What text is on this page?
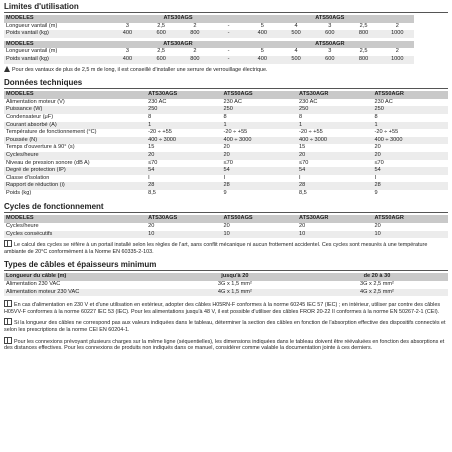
Limites d'utilisation
MODÈLES	ATS30AGS				ATS50AGS				
Longueur vantail (m)	3	2,5	2	-	5	4	3	2,5	2
Poids vantail (kg)	400	600	800	-	400	500	600	800	1000
MODÈLES	ATS30AGR				ATS50AGR				
Longueur vantail (m)	3	2,5	2	-	5	4	3	2,5	2
Poids vantail (kg)	400	600	800	-	400	500	600	800	1000
Pour des vantaux de plus de 2,5 m de long, il est conseillé d'installer une serrure de verrouillage électrique.
Données techniques
MODÈLES	ATS30AGS	ATS50AGS	ATS30AGR	ATS50AGR
Alimentation moteur (V)	230 AC	230 AC	230 AC	230 AC
Puissance (W)	250	250	250	250
Condensateur (μF)	8	8	8	8
Courant absorbé (A)	1	1	1	1
Température de fonctionnement (°C)	-20 ÷ +55	-20 ÷ +55	-20 ÷ +55	-20 ÷ +55
Poussée (N)	400 ÷ 3000	400 ÷ 3000	400 ÷ 3000	400 ÷ 3000
Temps d'ouverture à 90° (s)	15	20	15	20
Cycles/heure	20	20	20	20
Niveau de pression sonore (dB A)	≤70	≤70	≤70	≤70
Degré de protection (IP)	54	54	54	54
Classe d'isolation	I	I	I	I
Rapport de réduction (i)	28	28	28	28
Poids (kg)	8,5	9	8,5	9
Cycles de fonctionnement
MODÈLES	ATS30AGS	ATS50AGS	ATS30AGR	ATS50AGR
Cycles/heure	20	20	20	20
Cycles consécutifs	10	10	10	10
Le calcul des cycles se réfère à un portail installé selon les règles de l'art, sans conflit mécanique ni aucun frottement accidentel. Ces cycles sont mesurés à une température ambiante de 20°C conformément à la Norme EN 60335-2-103.
Types de câbles et épaisseurs minimum
Longueur du câble (m)	jusqu'à 20	de 20 à 30
Alimentation 230 VAC	3G x 1,5 mm²	3G x 2,5 mm²
Alimentation moteur 230 VAC	4G x 1,5 mm²	4G x 2,5 mm²
En cas d'alimentation en 230 V et d'une utilisation en extérieur, adopter des câbles H05RN-F conformes à la norme 60245 IEC 57 (IEC) ; en intérieur, utiliser par contre des câbles H05VV-F conformes à la norme 60227 IEC 53 (IEC). Pour les alimentations jusqu'à 48 V, il est possible d'utiliser des câbles FROR 20-22 II conformes à la norme EN 50267-2-1 (CEI).
Si la longueur des câbles ne correspond pas aux valeurs indiquées dans le tableau, déterminer la section des câbles en fonction de l'absorption effective des dispositifs connectés et selon les prescriptions de la norme CEI EN 60204-1.
Pour les connexions prévoyant plusieurs charges sur la même ligne (séquentielles), les dimensions indiquées dans le tableau doivent être réévaluées en fonction des absorptions et des distances effectives. Pour les connexions de produits non indiqués dans ce manuel, considérer comme valable la documentation jointe à ces derniers.
